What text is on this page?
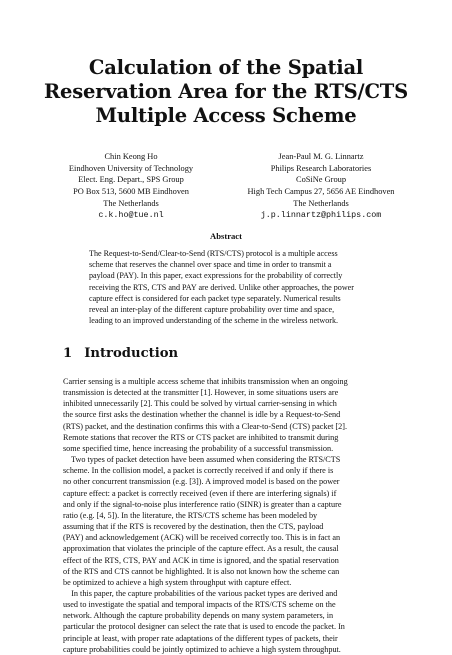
Calculation of the Spatial
Reservation Area for the RTS/CTS
Multiple Access Scheme
Chin Keong Ho
Eindhoven University of Technology
Elect. Eng. Depart., SPS Group
PO Box 513, 5600 MB Eindhoven
The Netherlands
c.k.ho@tue.nl
Jean-Paul M. G. Linnartz
Philips Research Laboratories
CoSiNe Group
High Tech Campus 27, 5656 AE Eindhoven
The Netherlands
j.p.linnartz@philips.com
Abstract
The Request-to-Send/Clear-to-Send (RTS/CTS) protocol is a multiple access
scheme that reserves the channel over space and time in order to transmit a
payload (PAY). In this paper, exact expressions for the probability of correctly
receiving the RTS, CTS and PAY are derived. Unlike other approaches, the power
capture effect is considered for each packet type separately. Numerical results
reveal an inter-play of the different capture probability over time and space,
leading to an improved understanding of the scheme in the wireless network.
1 Introduction
Carrier sensing is a multiple access scheme that inhibits transmission when an ongoing
transmission is detected at the transmitter [1]. However, in some situations users are
inhibited unnecessarily [2]. This could be solved by virtual carrier-sensing in which
the source first asks the destination whether the channel is idle by a Request-to-Send
(RTS) packet, and the destination confirms this with a Clear-to-Send (CTS) packet [2].
Remote stations that recover the RTS or CTS packet are inhibited to transmit during
some specified time, hence increasing the probability of a successful transmission.
Two types of packet detection have been assumed when considering the RTS/CTS
scheme. In the collision model, a packet is correctly received if and only if there is
no other concurrent transmission (e.g. [3]). A improved model is based on the power
capture effect: a packet is correctly received (even if there are interfering signals) if
and only if the signal-to-noise plus interference ratio (SINR) is greater than a capture
ratio (e.g. [4, 5]). In the literature, the RTS/CTS scheme has been modeled by
assuming that if the RTS is recovered by the destination, then the CTS, payload
(PAY) and acknowledgement (ACK) will be received correctly too. This is in fact an
approximation that violates the principle of the capture effect. As a result, the causal
effect of the RTS, CTS, PAY and ACK in time is ignored, and the spatial reservation
of the RTS and CTS cannot be highlighted. It is also not known how the scheme can
be optimized to achieve a high system throughput with capture effect.
In this paper, the capture probabilities of the various packet types are derived and
used to investigate the spatial and temporal impacts of the RTS/CTS scheme on the
network. Although the capture probability depends on many system parameters, in
particular the protocol designer can select the rate that is used to encode the packet. In
principle at least, with proper rate adaptations of the different types of packets, their
capture probabilities could be jointly optimized to achieve a high system throughput.
